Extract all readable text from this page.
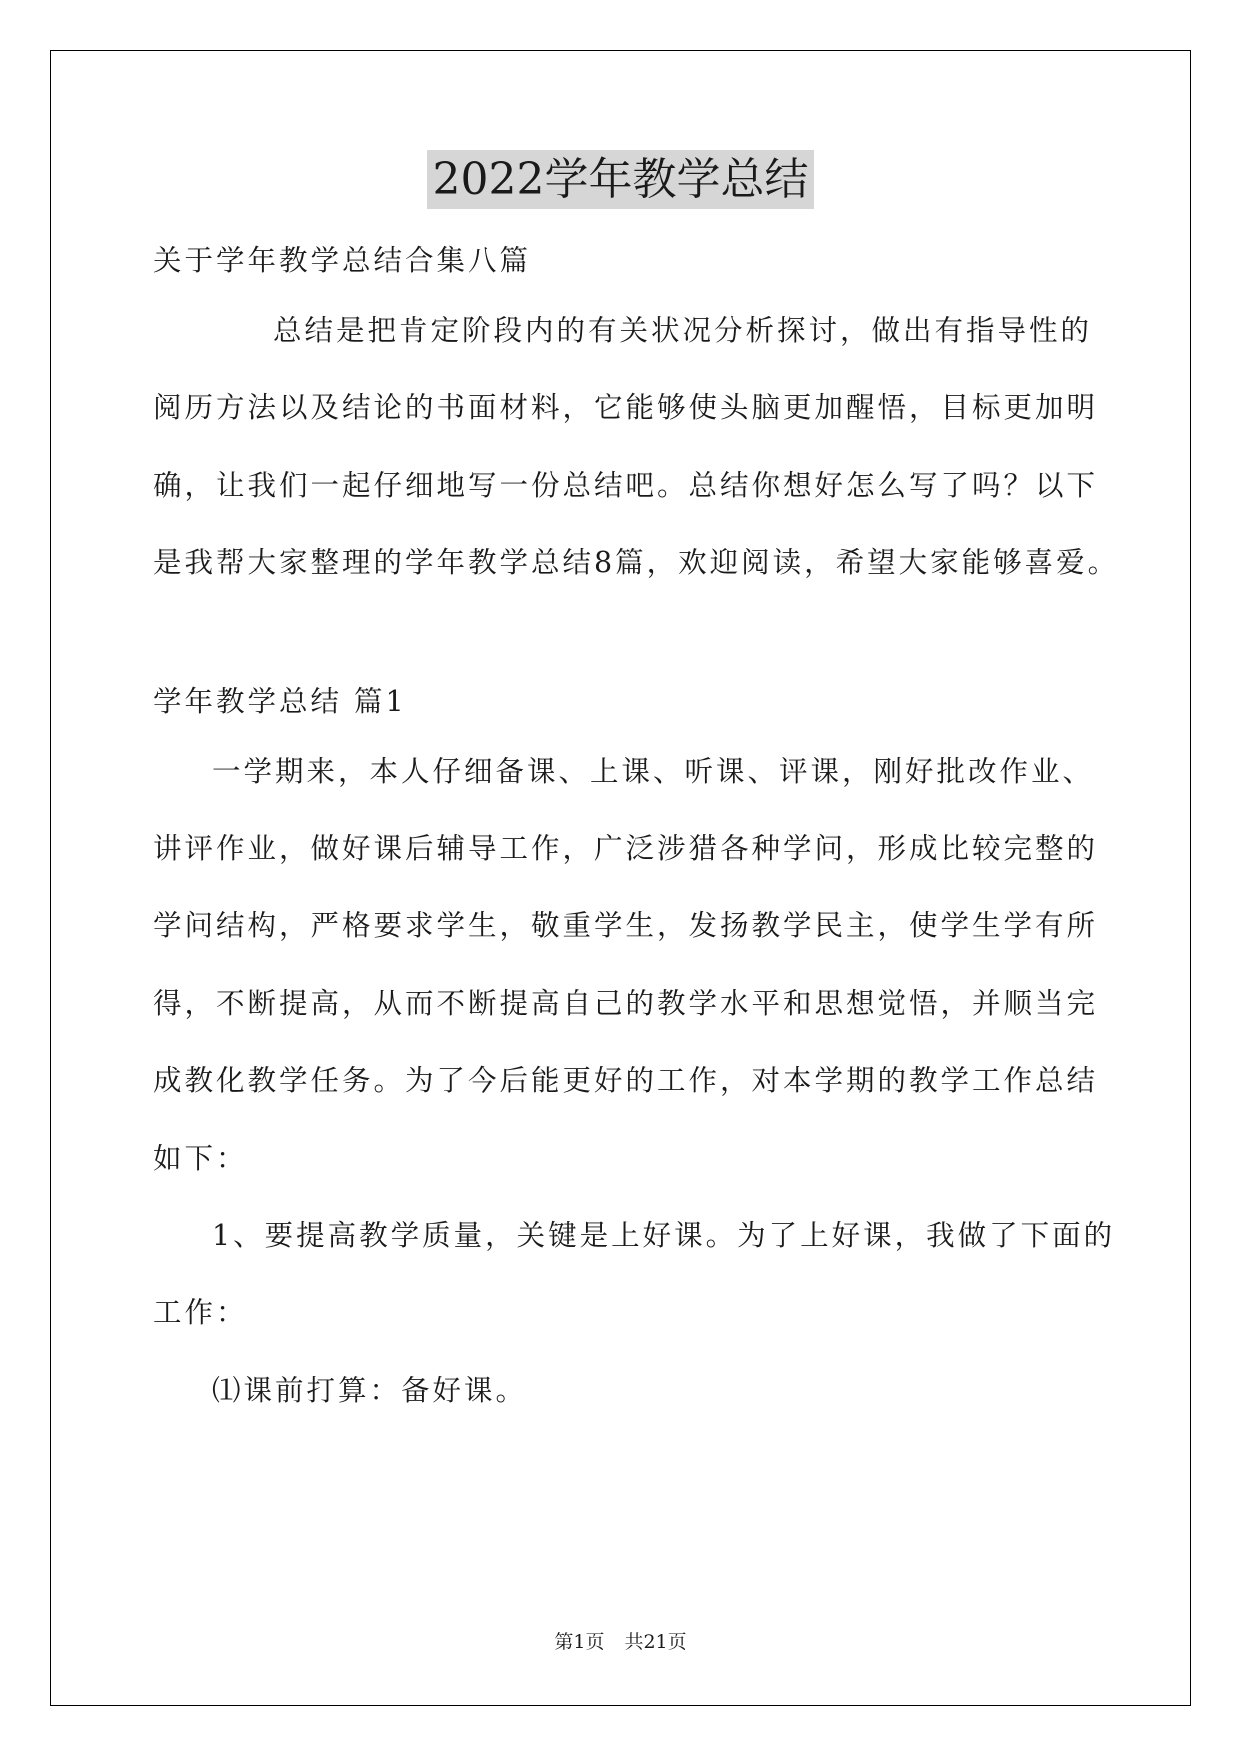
2022学年教学总结
关于学年教学总结合集八篇
总结是把肯定阶段内的有关状况分析探讨，做出有指导性的
阅历方法以及结论的书面材料，它能够使头脑更加醒悟，目标更加明
确，让我们一起仔细地写一份总结吧。总结你想好怎么写了吗？以下
是我帮大家整理的学年教学总结8篇，欢迎阅读，希望大家能够喜爱。
学年教学总结 篇1
一学期来，本人仔细备课、上课、听课、评课，刚好批改作业、
讲评作业，做好课后辅导工作，广泛涉猎各种学问，形成比较完整的
学问结构，严格要求学生，敬重学生，发扬教学民主，使学生学有所
得，不断提高，从而不断提高自己的教学水平和思想觉悟，并顺当完
成教化教学任务。为了今后能更好的工作，对本学期的教学工作总结
如下：
1、要提高教学质量，关键是上好课。为了上好课，我做了下面的
工作：
⑴课前打算：备好课。
第1页 共21页
